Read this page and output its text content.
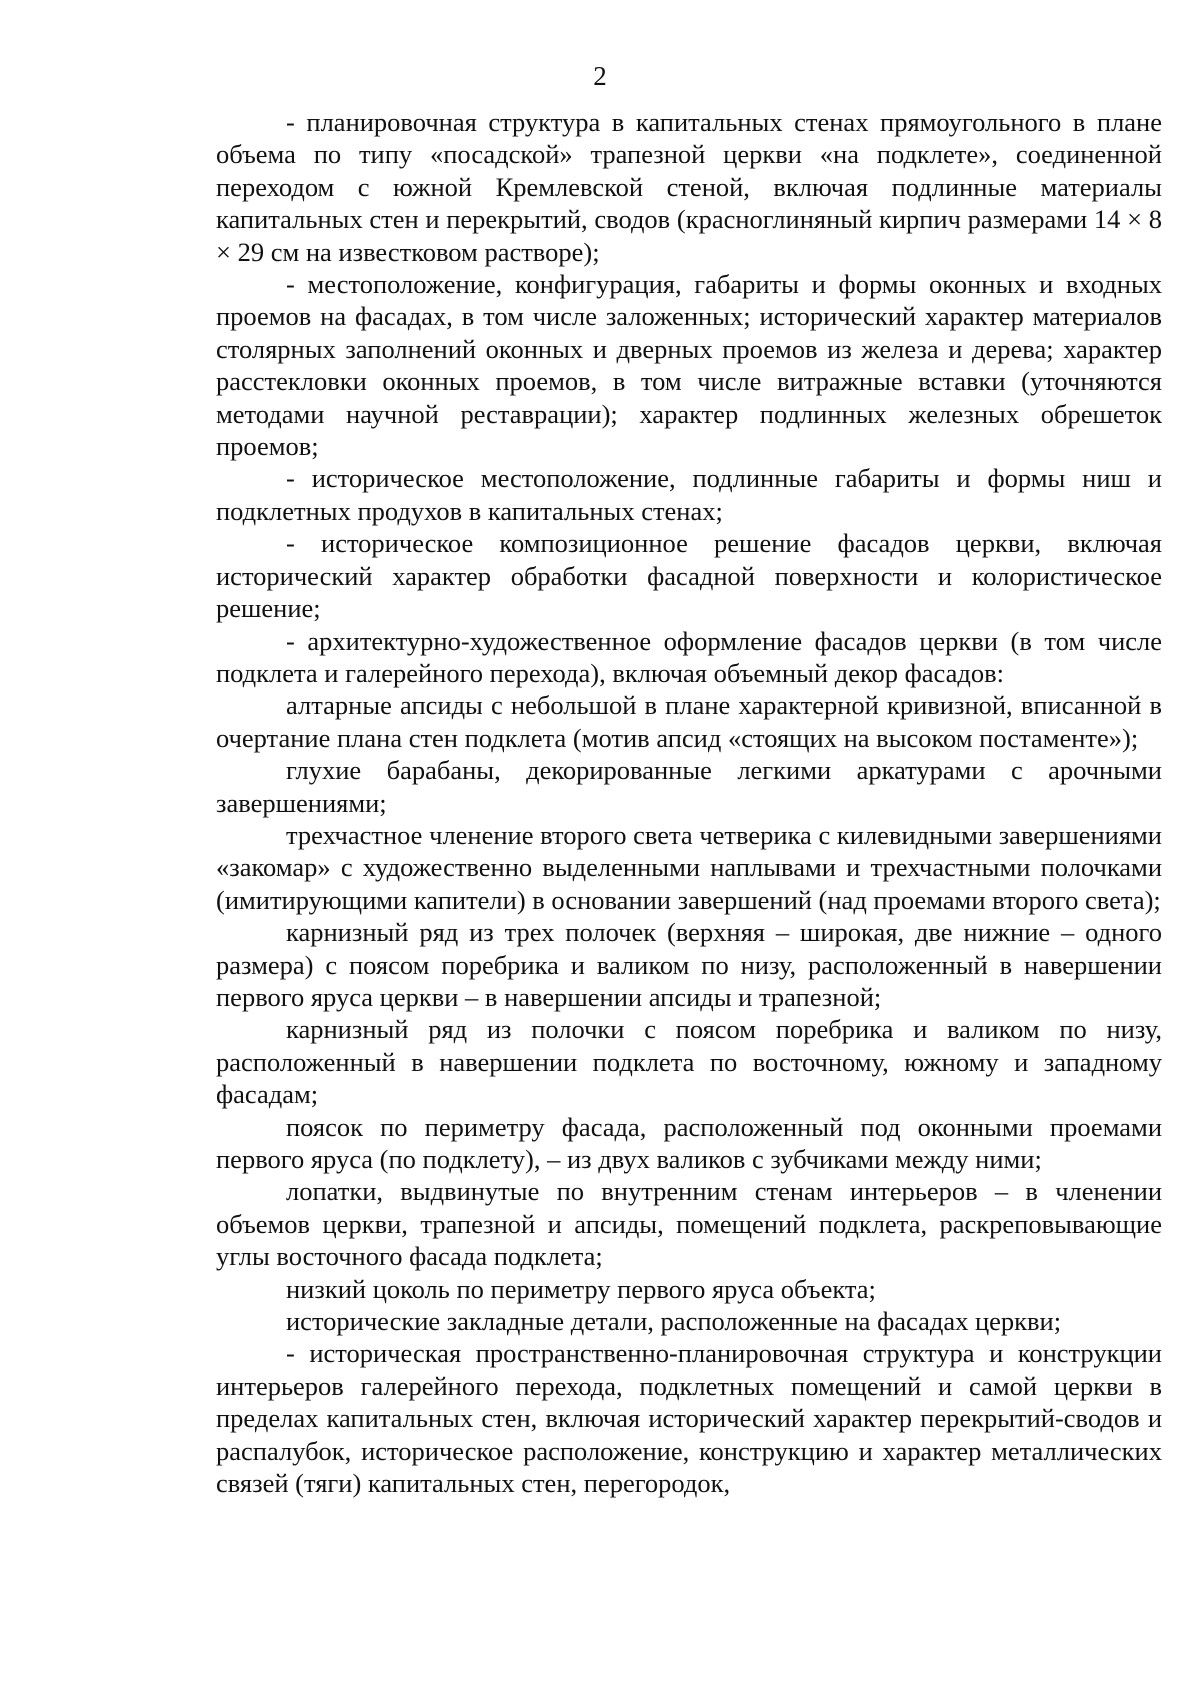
2

- планировочная структура в капитальных стенах прямоугольного в плане объема по типу «посадской» трапезной церкви «на подклете», соединенной переходом с южной Кремлевской стеной, включая подлинные материалы капитальных стен и перекрытий, сводов (красноглиняный кирпич размерами 14 × 8 × 29 см на известковом растворе);

- местоположение, конфигурация, габариты и формы оконных и входных проемов на фасадах, в том числе заложенных; исторический характер материалов столярных заполнений оконных и дверных проемов из железа и дерева; характер расстекловки оконных проемов, в том числе витражные вставки (уточняются методами научной реставрации); характер подлинных железных обрешеток проемов;

- историческое местоположение, подлинные габариты и формы ниш и подклетных продухов в капитальных стенах;

- историческое композиционное решение фасадов церкви, включая исторический характер обработки фасадной поверхности и колористическое решение;

- архитектурно-художественное оформление фасадов церкви (в том числе подклета и галерейного перехода), включая объемный декор фасадов:

алтарные апсиды с небольшой в плане характерной кривизной, вписанной в очертание плана стен подклета (мотив апсид «стоящих на высоком постаменте»);

глухие барабаны, декорированные легкими аркатурами с арочными завершениями;

трехчастное членение второго света четверика с килевидными завершениями «закомар» с художественно выделенными наплывами и трехчастными полочками (имитирующими капители) в основании завершений (над проемами второго света);

карнизный ряд из трех полочек (верхняя – широкая, две нижние – одного размера) с поясом поребрика и валиком по низу, расположенный в навершении первого яруса церкви – в навершении апсиды и трапезной;

карнизный ряд из полочки с поясом поребрика и валиком по низу, расположенный в навершении подклета по восточному, южному и западному фасадам;

поясок по периметру фасада, расположенный под оконными проемами первого яруса (по подклету), – из двух валиков с зубчиками между ними;

лопатки, выдвинутые по внутренним стенам интерьеров – в членении объемов церкви, трапезной и апсиды, помещений подклета, раскреповывающие углы восточного фасада подклета;

низкий цоколь по периметру первого яруса объекта;

исторические закладные детали, расположенные на фасадах церкви;

- историческая пространственно-планировочная структура и конструкции интерьеров галерейного перехода, подклетных помещений и самой церкви в пределах капитальных стен, включая исторический характер перекрытий-сводов и распалубок, историческое расположение, конструкцию и характер металлических связей (тяги) капитальных стен, перегородок,
